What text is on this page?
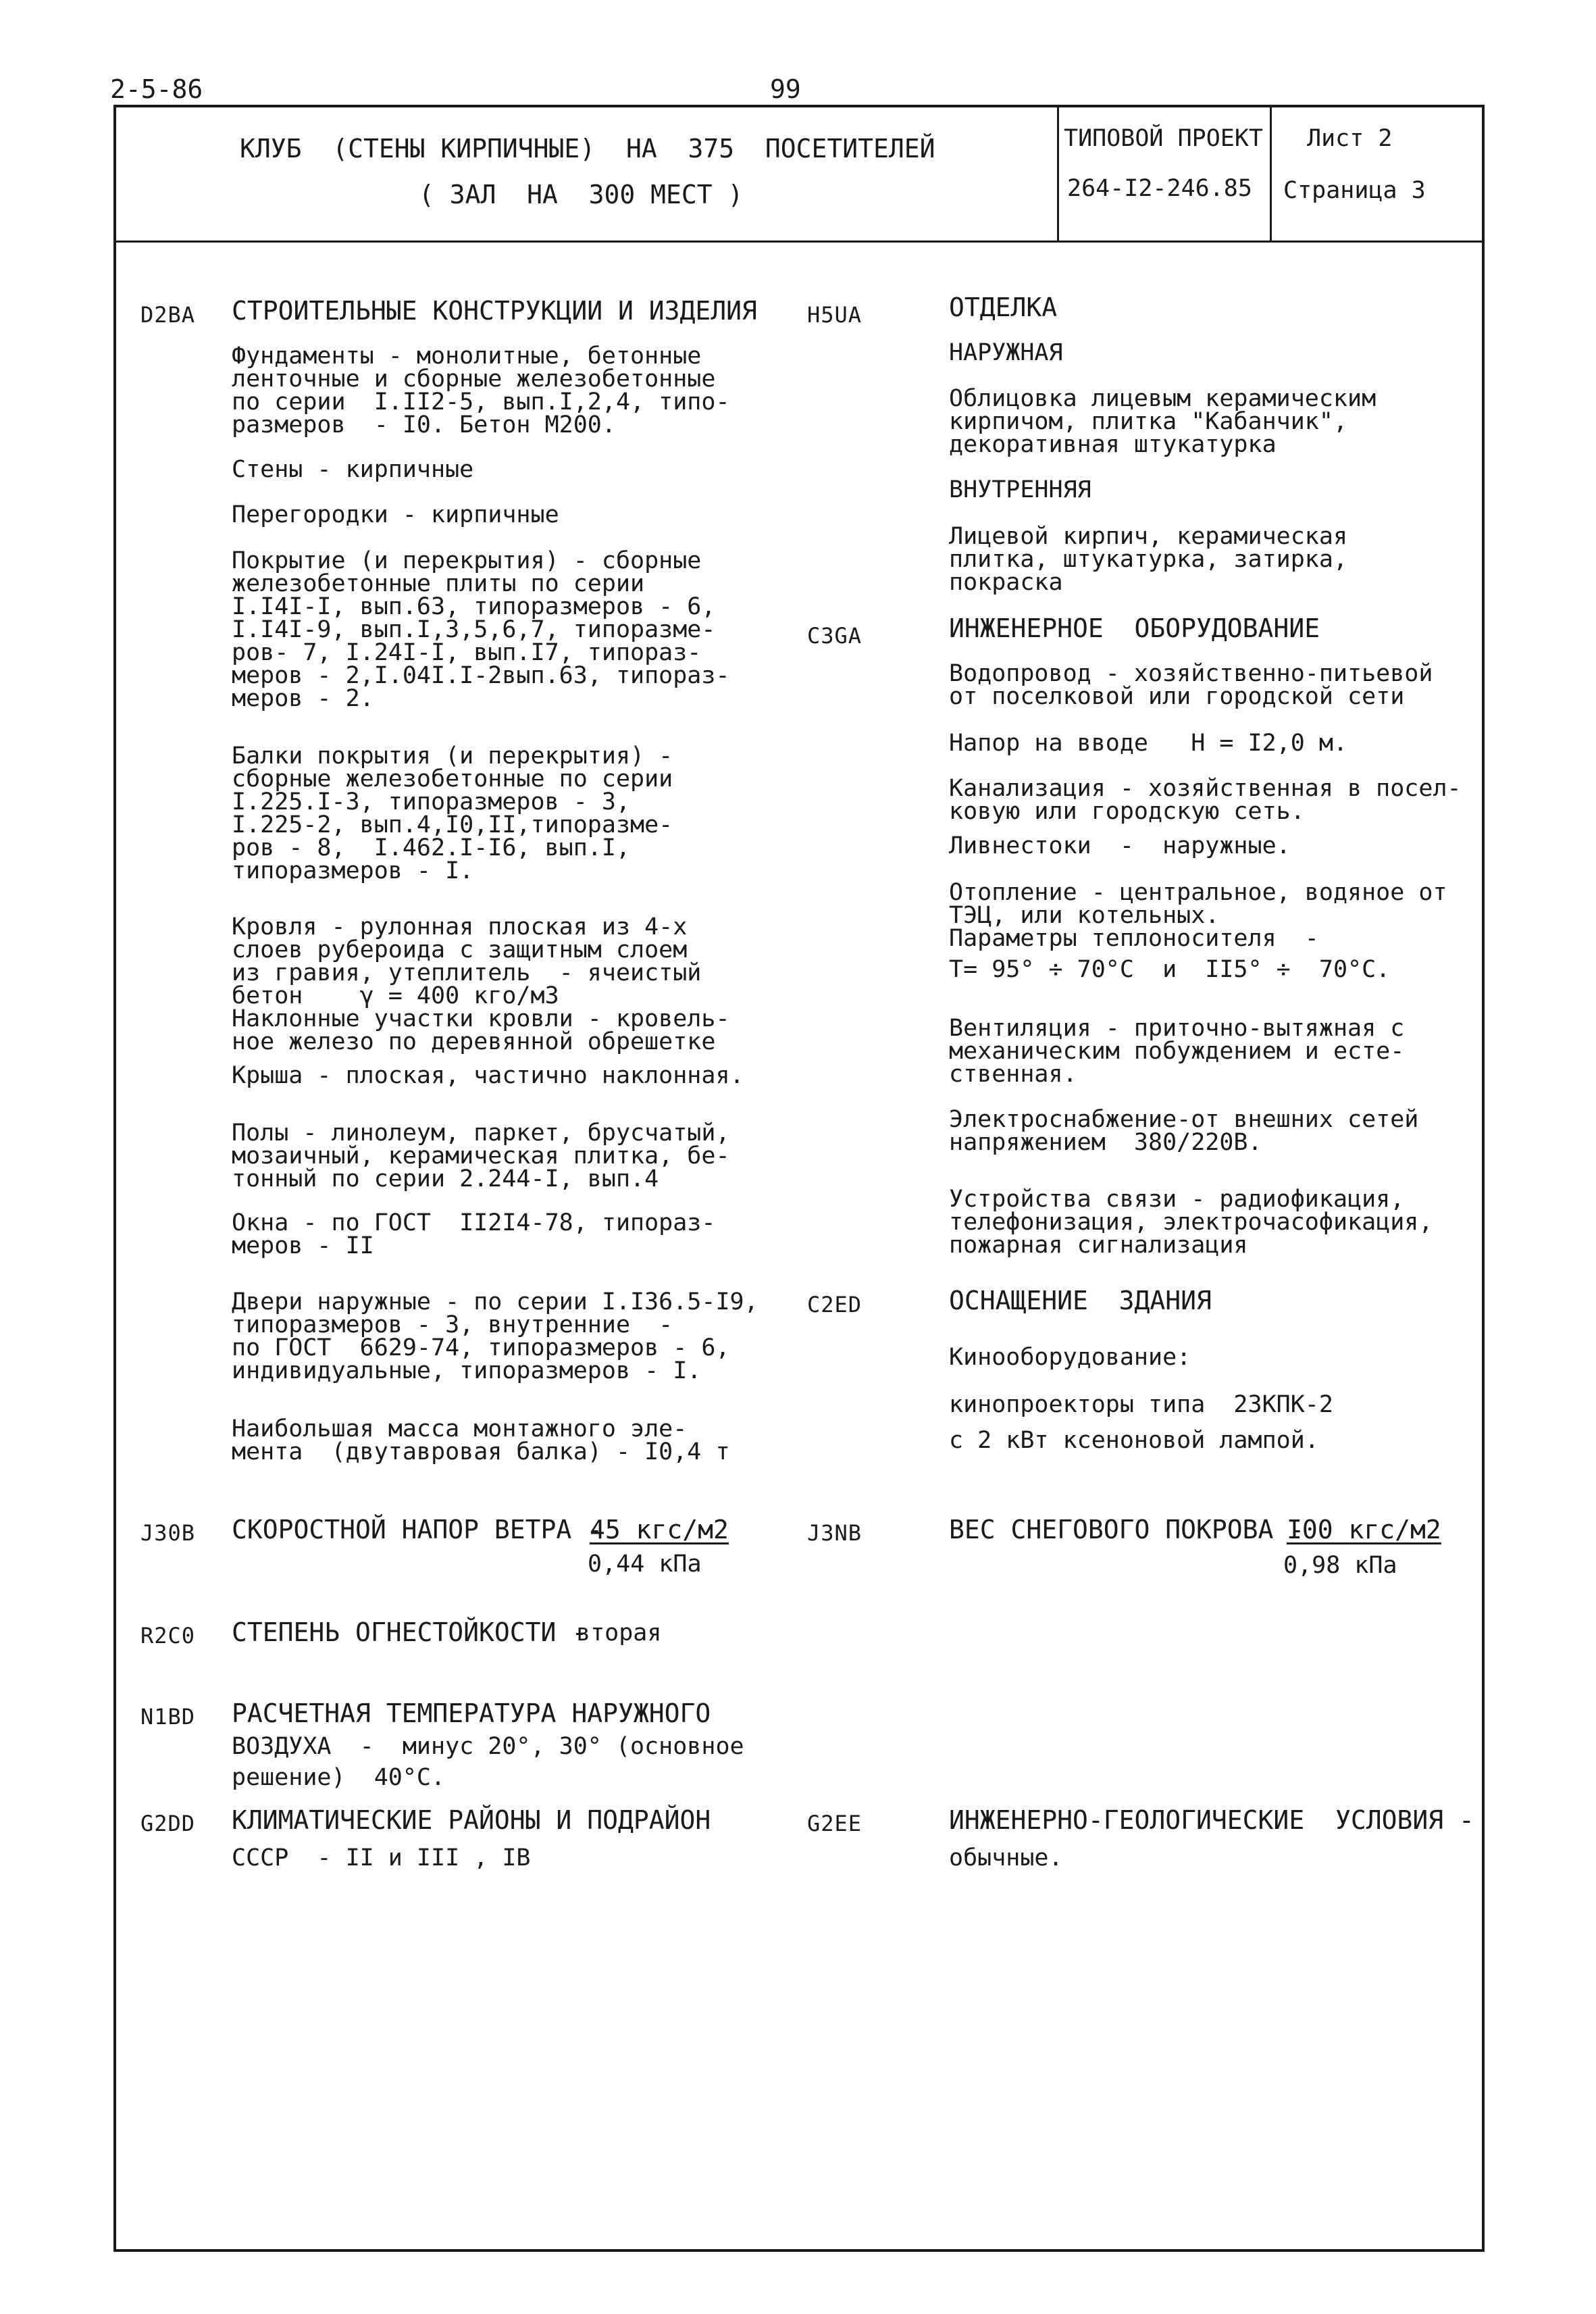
2-5-86	99
КЛУБ  (СТЕНЫ КИРПИЧНЫЕ)  НА  375  ПОСЕТИТЕЛЕЙ
( ЗАЛ  НА  300 МЕСТ )
ТИПОВОЙ ПРОЕКТ
264-I2-246.85
Лист 2
Страница 3
D2BA СТРОИТЕЛЬНЫЕ КОНСТРУКЦИИ И ИЗДЕЛИЯ
Фундаменты - монолитные, бетонные
ленточные и сборные железобетонные
по серии  I.II2-5, вып.I,2,4, типо-
размеров  - I0. Бетон М200.
Стены - кирпичные
Перегородки - кирпичные
Покрытие (и перекрытия) - сборные
железобетонные плиты по серии
I.I4I-I, вып.63, типоразмеров - 6,
I.I4I-9, вып.I,3,5,6,7, типоразме-
ров- 7, I.24I-I, вып.I7, типораз-
меров - 2,I.04I.I-2вып.63, типораз-
меров - 2.
Балки покрытия (и перекрытия) -
сборные железобетонные по серии
I.225.I-3, типоразмеров - 3,
I.225-2, вып.4,I0,II,типоразме-
ров - 8,  I.462.I-I6, вып.I,
типоразмеров - I.
Кровля - рулонная плоская из 4-х
слоев рубероида с защитным слоем
из гравия, утеплитель  - ячеистый
бетон    γ = 400 кго/м3
Наклонные участки кровли - кровель-
ное железо по деревянной обрешетке
Крыша - плоская, частично наклонная.
Полы - линолеум, паркет, брусчатый,
мозаичный, керамическая плитка, бе-
тонный по серии 2.244-I, вып.4
Окна - по ГОСТ  II2I4-78, типораз-
меров - II
Двери наружные - по серии I.I36.5-I9,
типоразмеров - 3, внутренние  -
по ГОСТ  6629-74, типоразмеров - 6,
индивидуальные, типоразмеров - I.
Наибольшая масса монтажного эле-
мента  (двутавровая балка) - I0,4 т
J30B СКОРОСТНОЙ НАПОР ВЕТРА -
45 кгс/м2
0,44 кПа
R2C0 СТЕПЕНЬ ОГНЕСТОЙКОСТИ -
вторая
N1BD РАСЧЕТНАЯ ТЕМПЕРАТУРА НАРУЖНОГО
ВОЗДУХА  -  минус 20°, 30° (основное
решение)  40°С.
G2DD КЛИМАТИЧЕСКИЕ РАЙОНЫ И ПОДРАЙОН
СССР  - II и III , IB
H5UA	ОТДЕЛКА
НАРУЖНАЯ
Облицовка лицевым керамическим
кирпичом, плитка "Кабанчик",
декоративная штукатурка
ВНУТРЕННЯЯ
Лицевой кирпич, керамическая
плитка, штукатурка, затирка,
покраска
C3GA	ИНЖЕНЕРНОЕ  ОБОРУДОВАНИЕ
Водопровод - хозяйственно-питьевой
от поселковой или городской сети
Напор на вводе   H = I2,0 м.
Канализация - хозяйственная в посел-
ковую или городскую сеть.
Ливнестоки  -  наружные.
Отопление - центральное, водяное от
ТЭЦ, или котельных.
Параметры теплоносителя  -
T= 95° ÷ 70°С  и  II5° ÷  70°С.
Вентиляция - приточно-вытяжная с
механическим побуждением и есте-
ственная.
Электроснабжение-от внешних сетей
напряжением  380/220В.
Устройства связи - радиофикация,
телефонизация, электрочасофикация,
пожарная сигнализация
C2ED	ОСНАЩЕНИЕ  ЗДАНИЯ
Кинооборудование:
кинопроекторы типа  23КПК-2
с 2 кВт ксеноновой лампой.
J3NB	ВЕС СНЕГОВОГО ПОКРОВА -
I00 кгс/м2
0,98 кПа
G2EE	ИНЖЕНЕРНО-ГЕОЛОГИЧЕСКИЕ  УСЛОВИЯ -
обычные.
